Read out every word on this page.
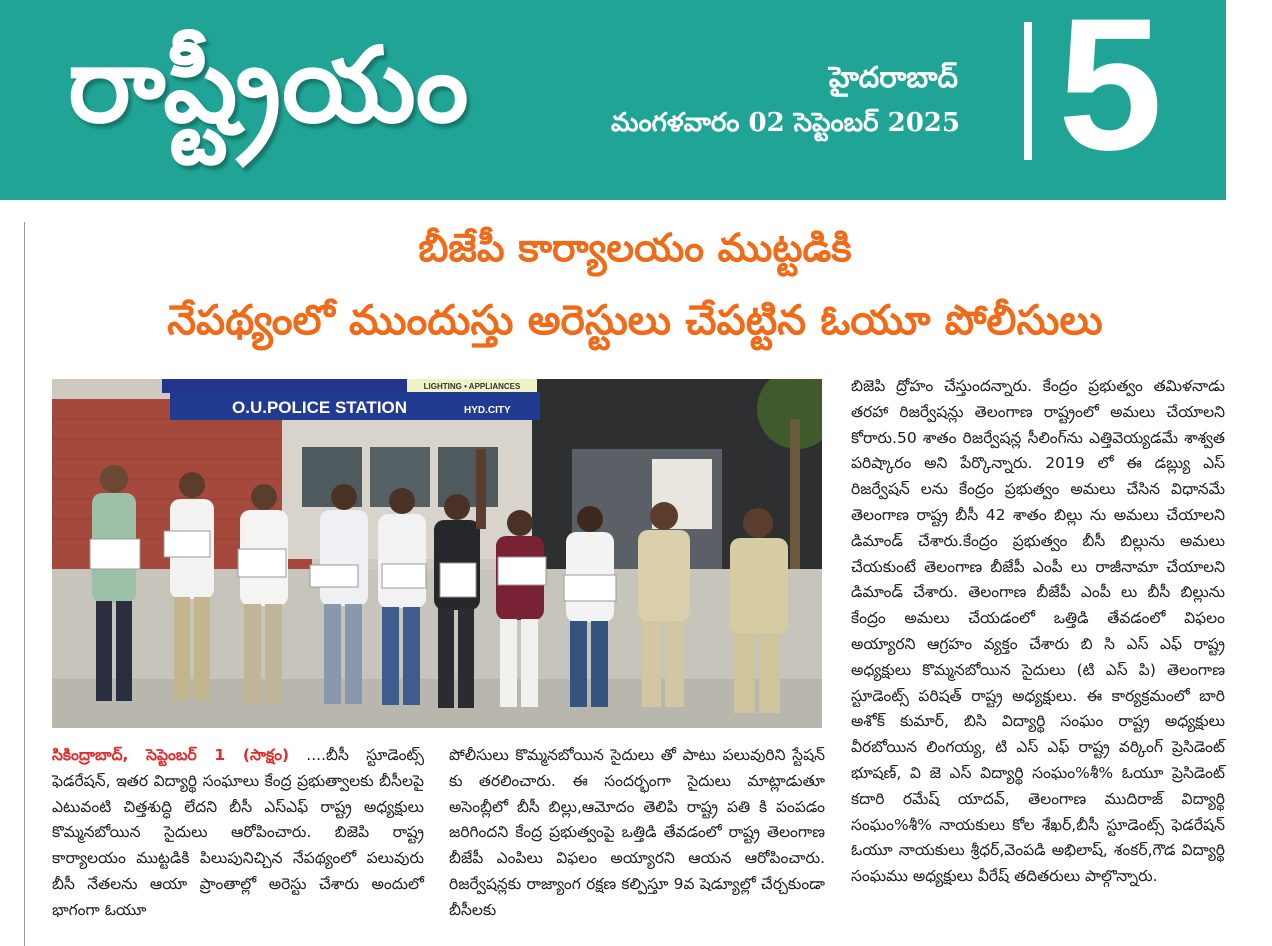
రాష్ట్రీయం	హైదరాబాద్
మంగళవారం 02 సెప్టెంబర్ 2025 5
బీజేపీ కార్యాలయం ముట్టడికి
నేపథ్యంలో ముందుస్తు అరెస్టులు చేపట్టిన ఓయూ పోలీసులు
LIGHTING • APPLIANCES
O.U.POLICE STATION	HYD.CITY
బిజెపి ద్రోహం చేస్తుందన్నారు. కేంద్రం ప్రభుత్వం తమిళనాడు తరహా రిజర్వేషన్లు తెలంగాణ రాష్ట్రంలో అమలు చేయాలని కోరారు.50 శాతం రిజర్వేషన్ల సీలింగ్‌ను ఎత్తివెయ్యడమే శాశ్వత పరిష్కారం అని పేర్కొన్నారు. 2019 లో ఈ డబ్ల్యు ఎస్ రిజర్వేషన్ లను కేంద్రం ప్రభుత్వం అమలు చేసిన విధానమే తెలంగాణ రాష్ట్ర బీసీ 42 శాతం బిల్లు ను అమలు చేయాలని డిమాండ్ చేశారు.కేంద్రం ప్రభుత్వం బీసీ బిల్లును అమలు చేయకుంటే తెలంగాణ బీజేపీ ఎంపీ లు రాజీనామా చేయాలని డిమాండ్ చేశారు. తెలంగాణ బీజేపీ ఎంపీ లు బీసీ బిల్లును కేంద్రం అమలు చేయడంలో ఒత్తిడి తేవడంలో విఫలం అయ్యారని ఆగ్రహం వ్యక్తం చేశారు బి సి ఎస్ ఎఫ్ రాష్ట్ర అధ్యక్షులు కొమ్మనబోయిన సైదులు (టి ఎస్ పి) తెలంగాణ స్టూడెంట్స్ పరిషత్ రాష్ట్ర అధ్యక్షులు. ఈ కార్యక్రమంలో బారి అశోక్ కుమార్, బిసి విద్యార్థి సంఘం రాష్ట్ర అధ్యక్షులు వీరబోయిన లింగయ్య, టి ఎస్ ఎఫ్ రాష్ట్ర వర్కింగ్ ప్రెసిడెంట్ భూషణ్, వి జె ఎస్ విద్యార్థి సంఘం%శీ% ఓయూ ప్రెసిడెంట్ కదారి రమేష్ యాదవ్, తెలంగాణ ముదిరాజ్ విద్యార్థి సంఘం%శీ% నాయకులు కోల శేఖర్,బీసీ స్టూడెంట్స్ ఫెడరేషన్ ఓయూ నాయకులు శ్రీధర్,వెంపడి అభిలాష్, శంకర్,గౌడ విద్యార్థి సంఘము అధ్యక్షులు వీరేష్ తదితరులు పాల్గొన్నారు.
సికింద్రాబాద్, సెప్టెంబర్ 1 (సాక్షం) ....బీసీ స్టూడెంట్స్ ఫెడరేషన్, ఇతర విద్యార్థి సంఘాలు కేంద్ర ప్రభుత్వాలకు బీసీలపై ఎటువంటి చిత్తశుద్ధి లేదని బీసీ ఎస్ఎఫ్ రాష్ట్ర అధ్యక్షులు కొమ్మనబోయిన సైదులు ఆరోపించారు. బిజెపి రాష్ట్ర కార్యాలయం ముట్టడికి పిలుపునిచ్చిన నేపథ్యంలో పలువురు బీసీ నేతలను ఆయా ప్రాంతాల్లో అరెస్టు చేశారు అందులో భాగంగా ఓయూ
పోలీసులు కొమ్మనబోయిన సైదులు తో పాటు పలువురిని స్టేషన్ కు తరలించారు. ఈ సందర్భంగా సైదులు మాట్లాడుతూ అసెంబ్లీలో బీసీ బిల్లు,ఆమోదం తెలిపి రాష్ట్ర పతి కి పంపడం జరిగిందని కేంద్ర ప్రభుత్వంపై ఒత్తిడి తేవడంలో రాష్ట్ర తెలంగాణ బీజేపీ ఎంపిలు విఫలం అయ్యారని ఆయన ఆరోపించారు. రిజర్వేషన్లకు రాజ్యాంగ రక్షణ కల్పిస్తూ 9వ షెడ్యూల్లో చేర్చకుండా బీసీలకు
